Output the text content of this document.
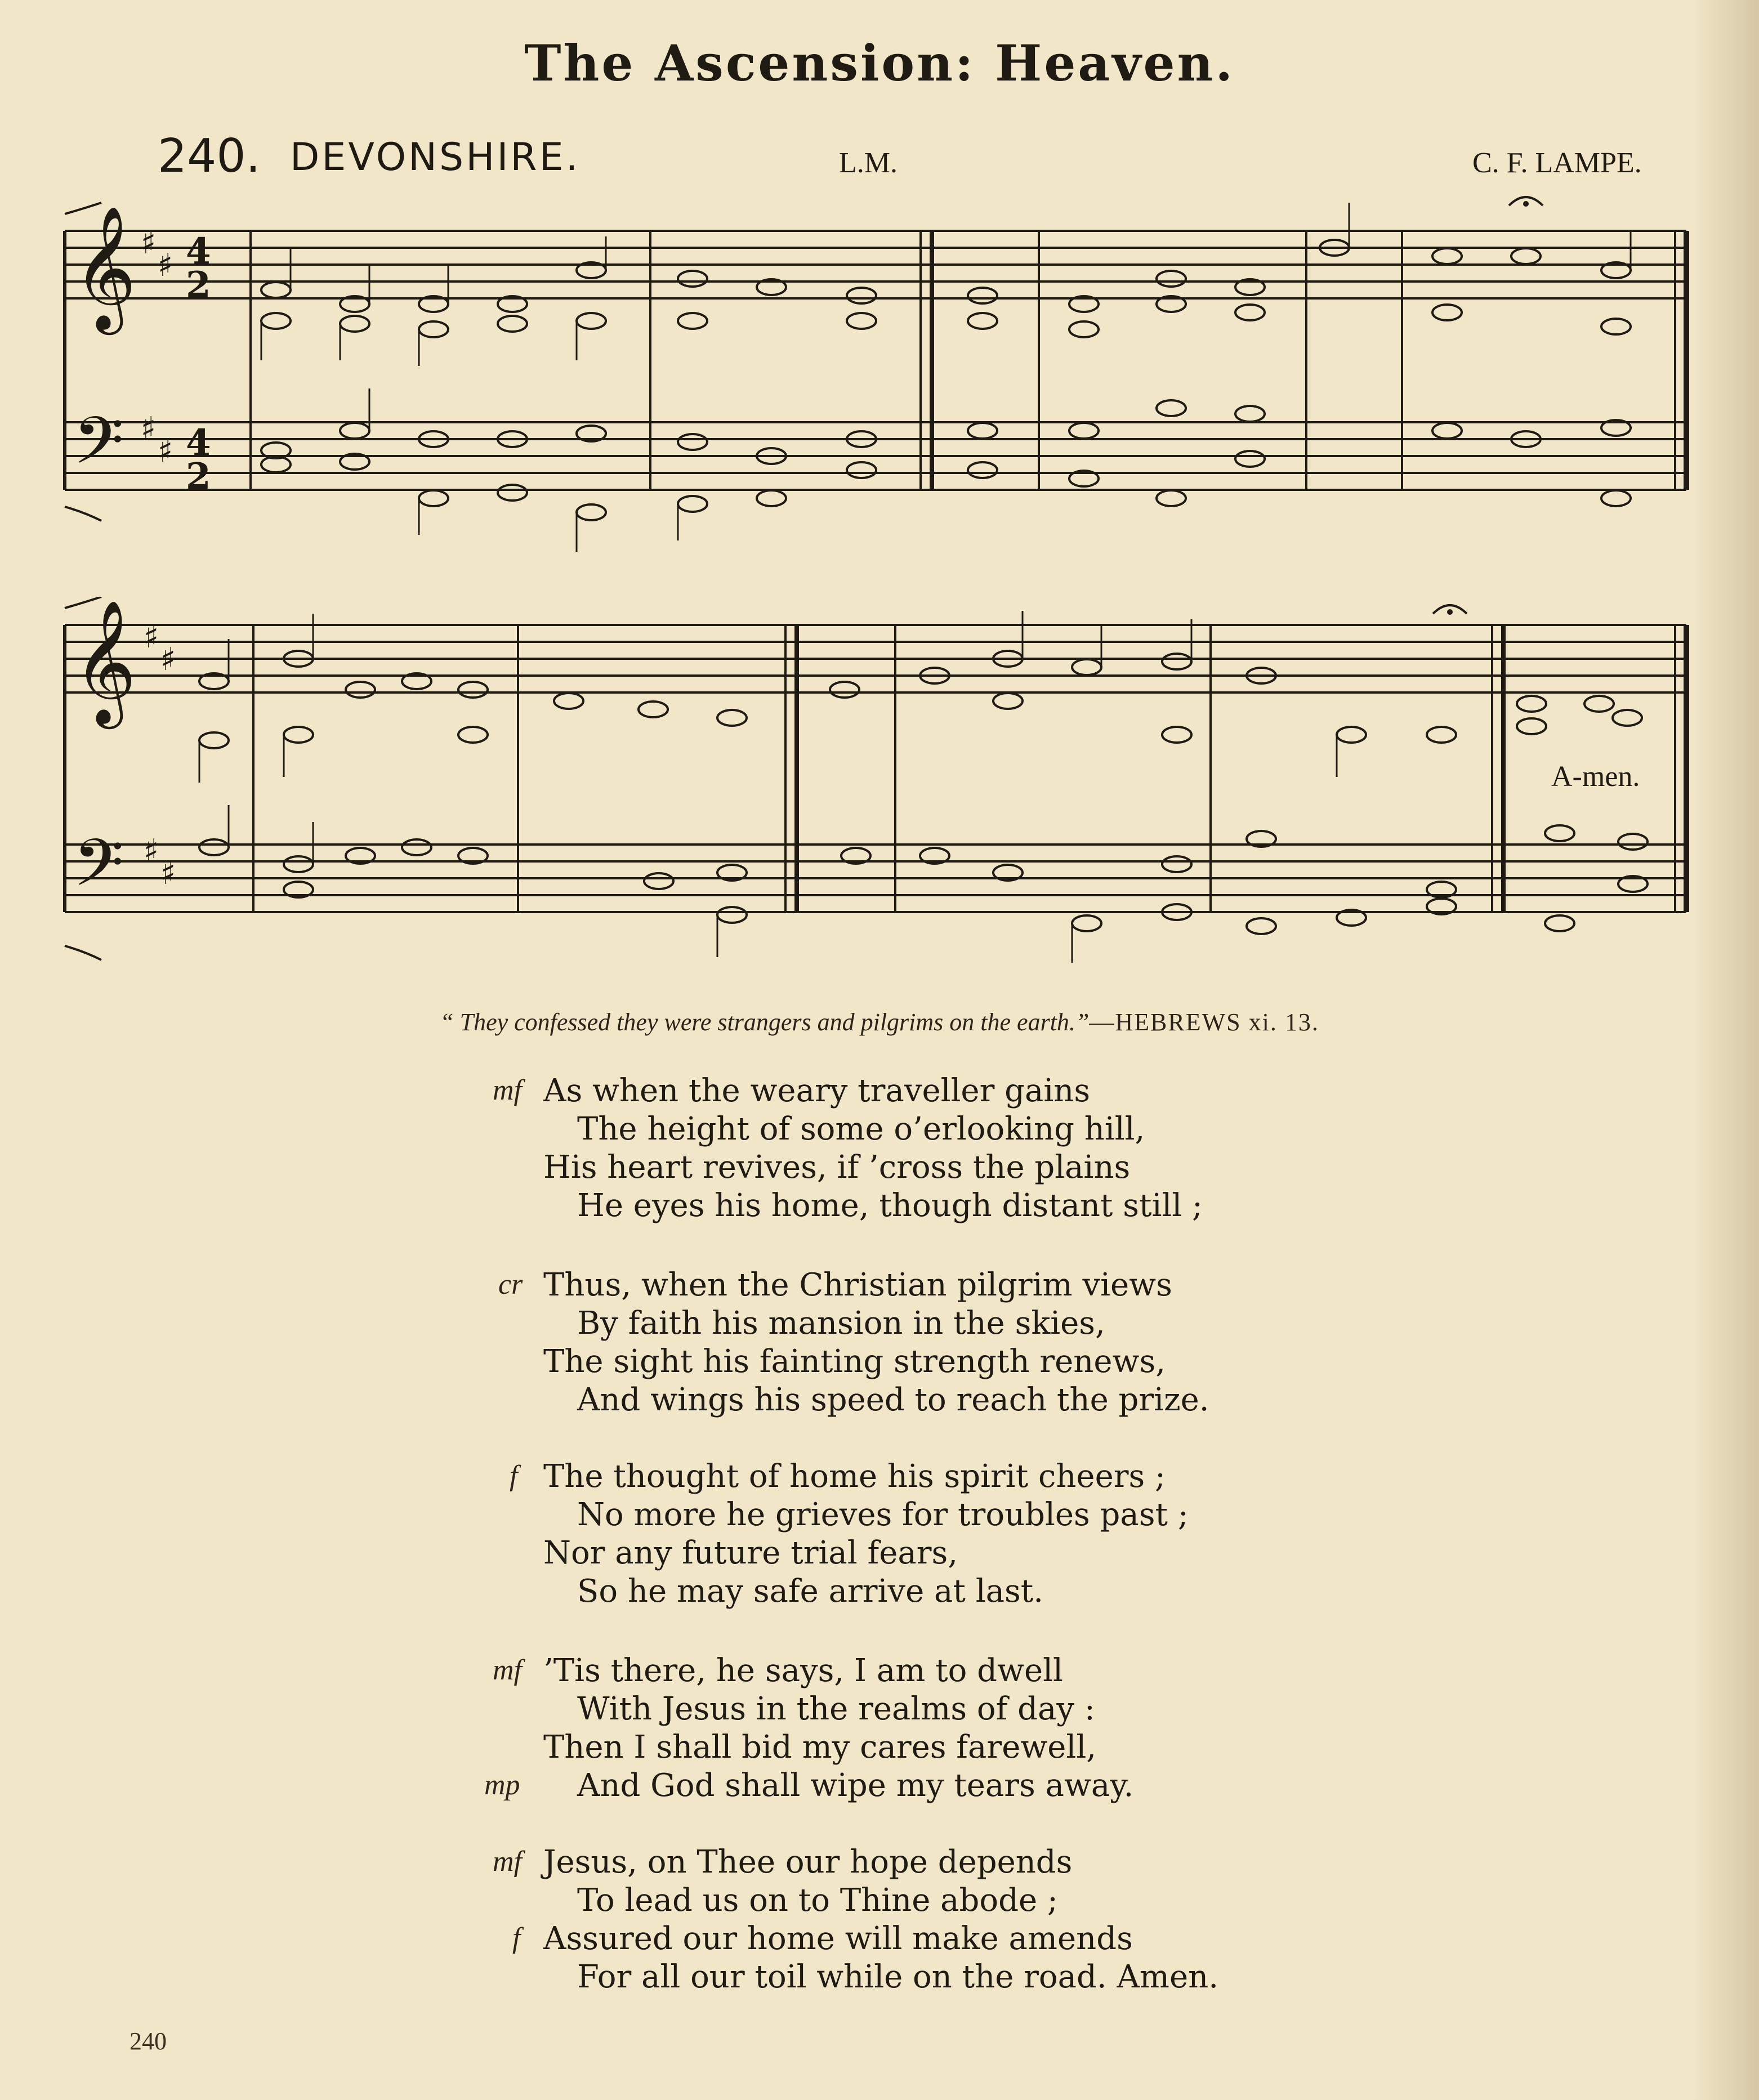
The Ascension: Heaven.
240. DEVONSHIRE.	L.M.	C. F. LAMPE.
𝄞
𝄢
♯
♯
♯
♯
4
2
4
2
𝄞
𝄢
♯
♯
♯
♯
A-men.
“ They confessed they were strangers and pilgrims on the earth.”—HEBREWS xi. 13.
mf As when the weary traveller gains
The height of some o’erlooking hill,
His heart revives, if ’cross the plains
He eyes his home, though distant still ;
cr Thus, when the Christian pilgrim views
By faith his mansion in the skies,
The sight his fainting strength renews,
And wings his speed to reach the prize.
f The thought of home his spirit cheers ;
No more he grieves for troubles past ;
Nor any future trial fears,
So he may safe arrive at last.
mf ’Tis there, he says, I am to dwell
With Jesus in the realms of day :
Then I shall bid my cares farewell,
mp And God shall wipe my tears away.
mf Jesus, on Thee our hope depends
To lead us on to Thine abode ;
f Assured our home will make amends
For all our toil while on the road. Amen.
240
